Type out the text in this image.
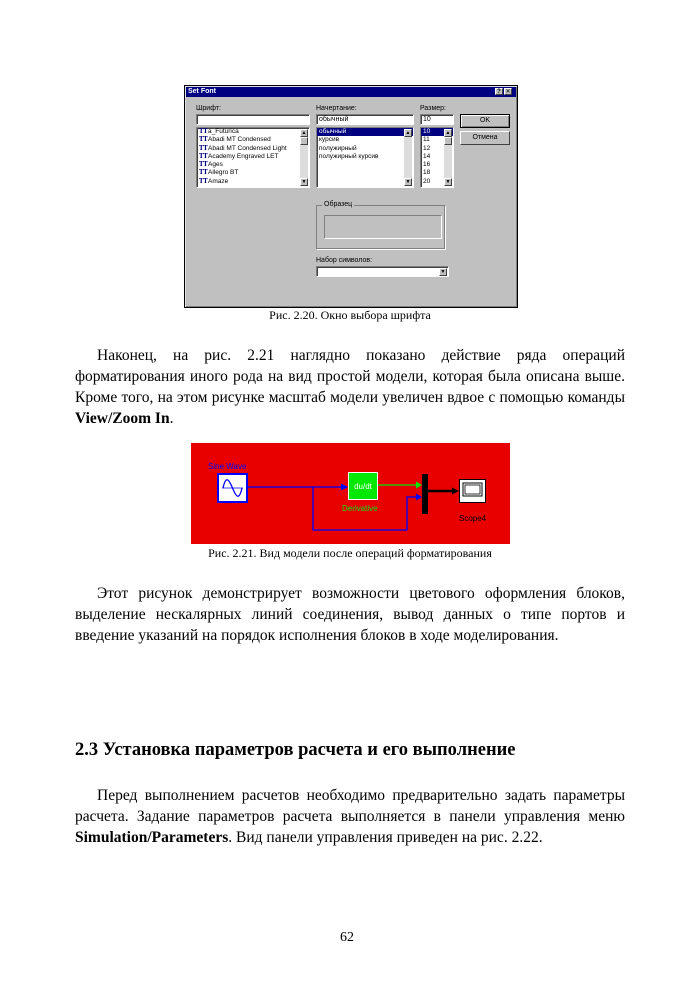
Set Font	? ✕
Шрифт:
TTa_Futurica
TTAbadi MT Condensed
TTAbadi MT Condensed Light
TTAcademy Engraved LET
TTAges
TTAllegro BT
TTAmaze
▲
▼
Начертание:
обычный
обычный
курсив
полужирный
полужирный курсив
▲
▼
Размер:
10
10
11
12
14
16
18
20
▲
▼
OK
Отмена
Образец
Набор символов:
▼
Рис. 2.20. Окно выбора шрифта

Наконец, на рис. 2.21 наглядно показано действие ряда операций форматирования иного рода на вид простой модели, которая была описана выше. Кроме того, на этом рисунке масштаб модели увеличен вдвое с помощью команды View/Zoom In.

Sine Wave
du/dt
Derivative
Scope4
Рис. 2.21. Вид модели после операций форматирования

Этот рисунок демонстрирует возможности цветового оформления блоков, выделение нескалярных линий соединения, вывод данных о типе портов и введение указаний на порядок исполнения блоков в ходе моделирования.

2.3 Установка параметров расчета и его выполнение

Перед выполнением расчетов необходимо предварительно задать параметры расчета. Задание параметров расчета выполняется в панели управления меню Simulation/Parameters. Вид панели управления приведен на рис. 2.22.

62
